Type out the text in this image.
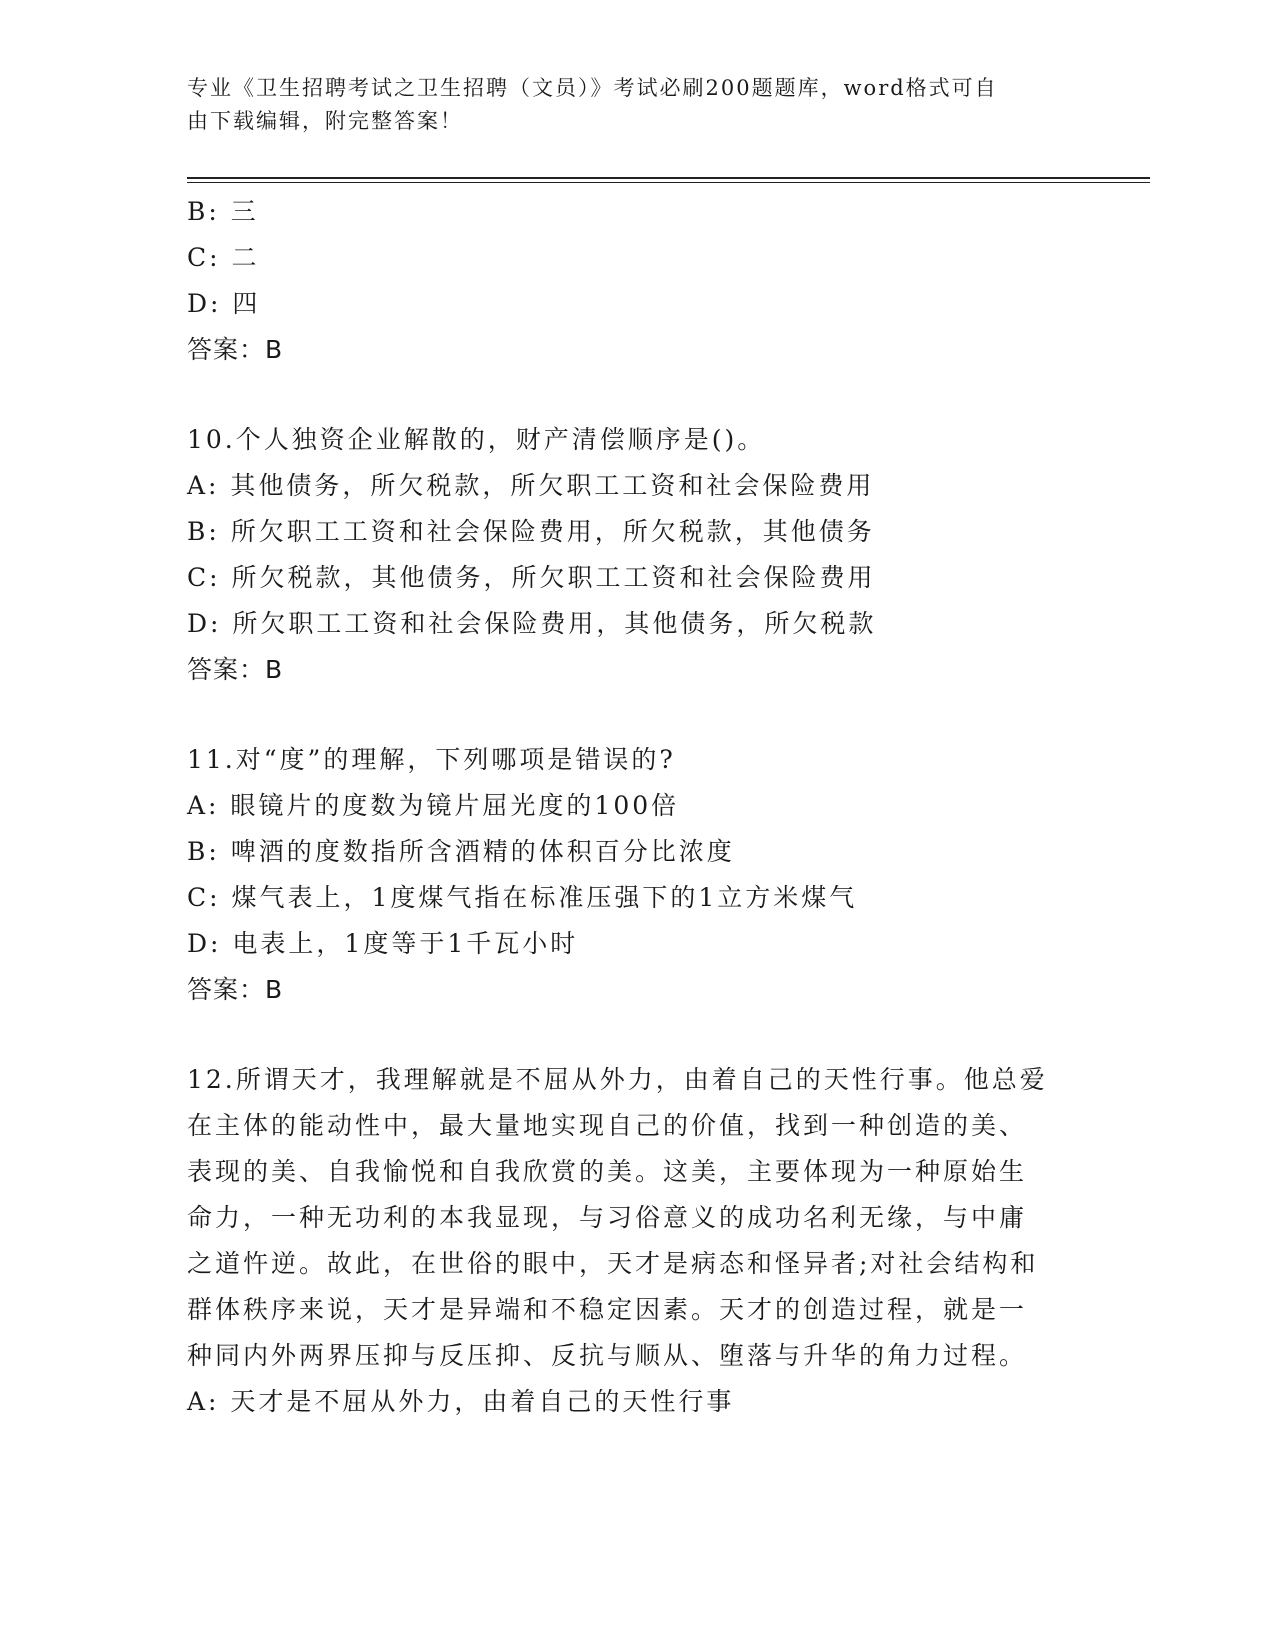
专业《卫生招聘考试之卫生招聘（文员）》考试必刷200题题库，word格式可自
由下载编辑，附完整答案！
B: 三
C: 二
D: 四
答案：B
10.个人独资企业解散的，财产清偿顺序是()。
A: 其他债务，所欠税款，所欠职工工资和社会保险费用
B: 所欠职工工资和社会保险费用，所欠税款，其他债务
C: 所欠税款，其他债务，所欠职工工资和社会保险费用
D: 所欠职工工资和社会保险费用，其他债务，所欠税款
答案：B
11.对“度”的理解，下列哪项是错误的?
A: 眼镜片的度数为镜片屈光度的100倍
B: 啤酒的度数指所含酒精的体积百分比浓度
C: 煤气表上，1度煤气指在标准压强下的1立方米煤气
D: 电表上，1度等于1千瓦小时
答案：B
12.所谓天才，我理解就是不屈从外力，由着自己的天性行事。他总爱
在主体的能动性中，最大量地实现自己的价值，找到一种创造的美、
表现的美、自我愉悦和自我欣赏的美。这美，主要体现为一种原始生
命力，一种无功利的本我显现，与习俗意义的成功名利无缘，与中庸
之道忤逆。故此，在世俗的眼中，天才是病态和怪异者;对社会结构和
群体秩序来说，天才是异端和不稳定因素。天才的创造过程，就是一
种同内外两界压抑与反压抑、反抗与顺从、堕落与升华的角力过程。
A: 天才是不屈从外力，由着自己的天性行事
